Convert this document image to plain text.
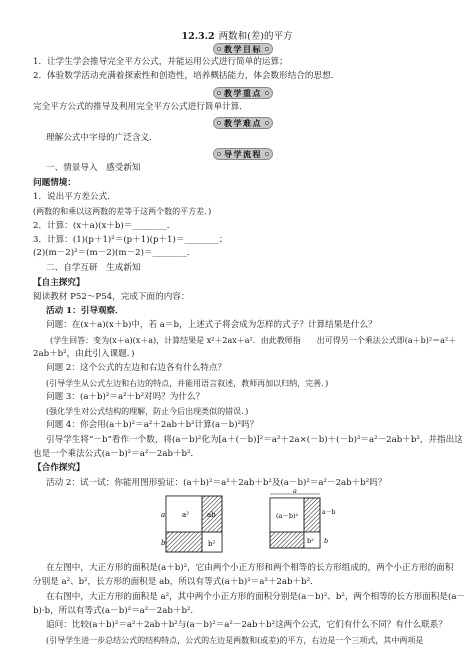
12.3.2 两数和(差)的平方
教学目标
1．让学生学会推导完全平方公式，并能运用公式进行简单的运算；
2．体验数学活动充满着探索性和创造性，培养概括能力，体会数形结合的思想．
教学重点
完全平方公式的推导及利用完全平方公式进行简单计算．
教学难点
理解公式中字母的广泛含义．
导学流程
一、情景导入　感受新知
问题情境：
1．说出平方差公式．
(两数的和乘以这两数的差等于这两个数的平方差．)
2．计算：(x＋a)(x＋b)＝________．
3．计算：(1)(p＋1)²＝(p＋1)(p＋1)＝________；
(2)(m－2)²＝(m－2)(m－2)＝________．
二、自学互研　生成新知
【自主探究】
阅读教材 P52～P54，完成下面的内容：
活动 1：引导观察．
问题：在(x＋a)(x＋b)中，若 a＝b，上述式子将会成为怎样的式子？计算结果是什么？
(学生回答：变为(x＋a)(x＋a)，计算结果是 x²＋2ax＋a²．由此教师指　　出可得另一个乘法公式即(a＋b)²＝a²＋
2ab＋b²，由此引入课题．)
问题 2：这个公式的左边和右边各有什么特点？
(引导学生从公式左边和右边的特点，并能用语言叙述，教师再加以归纳，完善．)
问题 3：(a＋b)²＝a²＋b²对吗？为什么？
(强化学生对公式结构的理解，防止今后出现类似的错误．)
问题 4：你会用(a＋b)²＝a²＋2ab＋b²计算(a－b)²吗？
引导学生将“－b”看作一个数，将(a－b)²化为[a＋(－b)]²＝a²＋2a×(－b)＋(－b)²＝a²－2ab＋b²，并指出这
也是一个乘法公式(a－b)²＝a²－2ab＋b²．
【合作探究】
活动 2：试一试：你能用图形验证：(a＋b)²＝a²＋2ab＋b²及(a－b)²＝a²－2ab＋b²吗？
a²
b²
ab
a
b
a
(a－b)²
b²
a－b
b
在左图中，大正方形的面积是(a＋b)²，它由两个小正方形和两个相等的长方形组成的，两个小正方形的面积
分别是 a²、b²，长方形的面积是 ab，所以有等式(a＋b)²＝a²＋2ab＋b²．
在右图中，大正方形的面积是 a²，其中两个小正方形的面积分别是(a－b)²、b²，两个相等的长方形面积是(a－
b)·b，所以有等式(a－b)²＝a²－2ab＋b²．
追问：比较(a＋b)²＝a²＋2ab＋b²与(a－b)²＝a²－2ab＋b²这两个公式，它们有什么不同？有什么联系？
(引导学生进一步总结公式的结构特点，公式的左边是两数和(或差)的平方，右边是一个三项式，其中两项是
